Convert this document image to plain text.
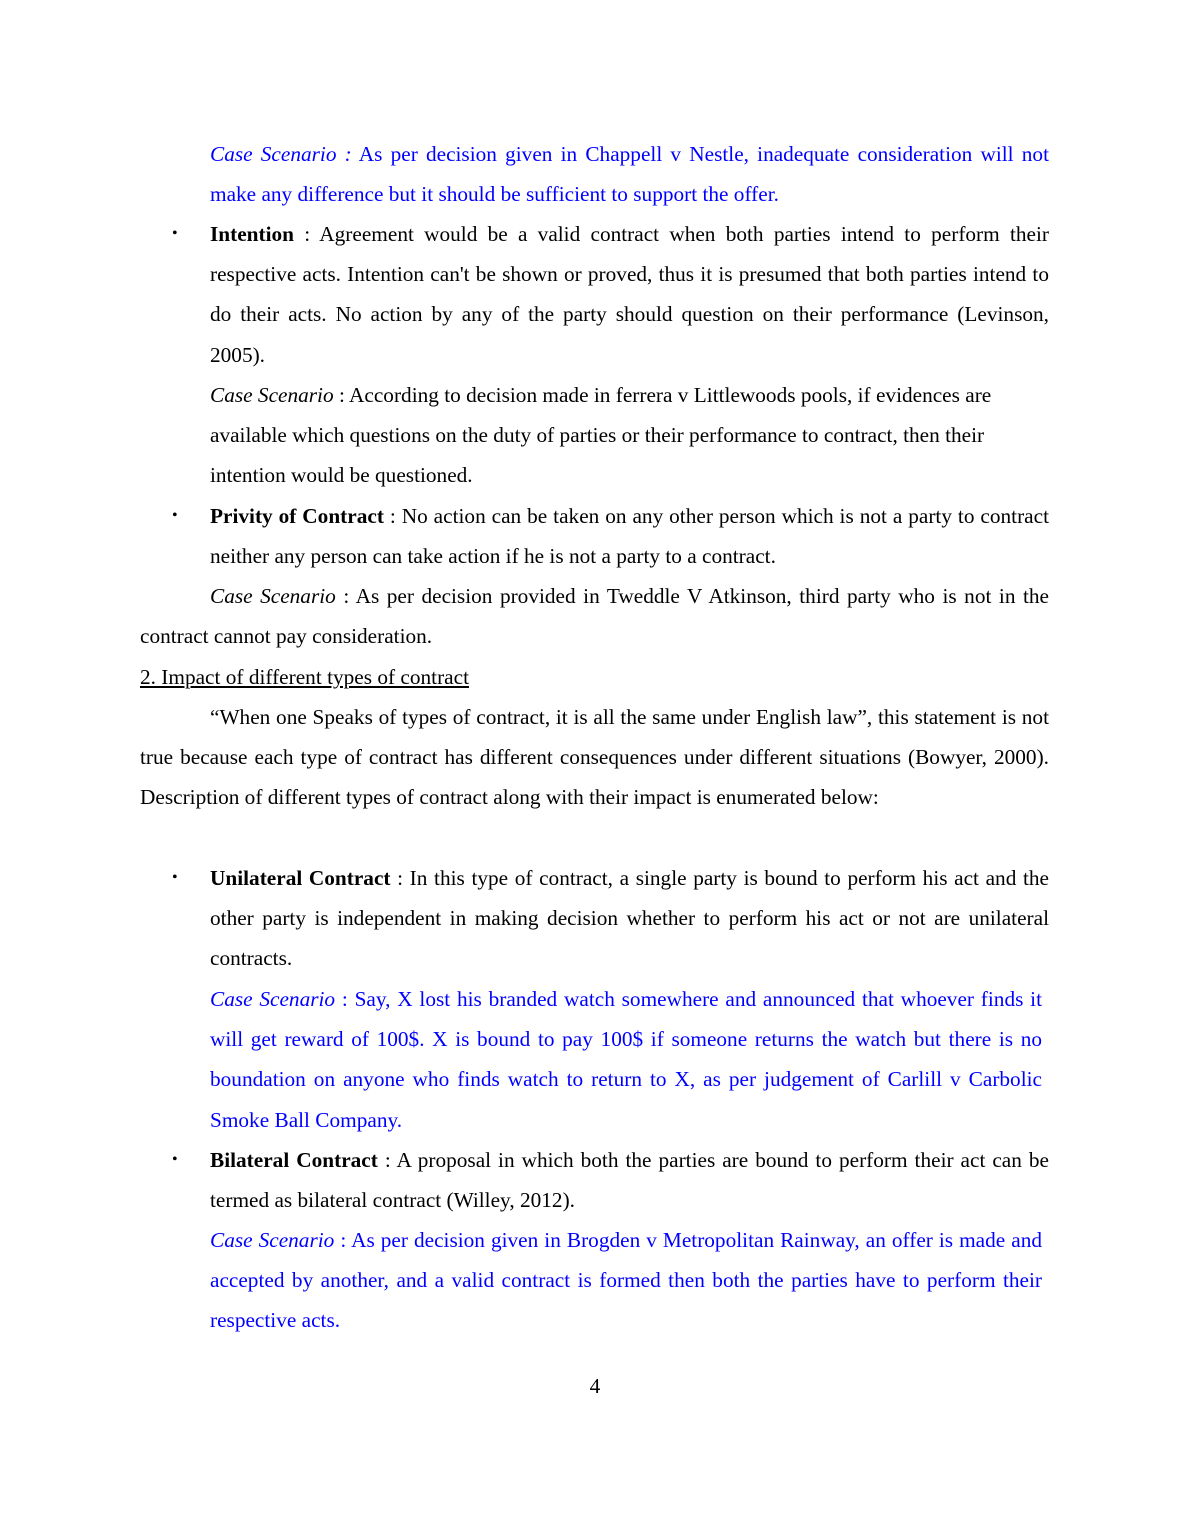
Case Scenario : As per decision given in Chappell v Nestle, inadequate consideration will not make any difference but it should be sufficient to support the offer.

• Intention : Agreement would be a valid contract when both parties intend to perform their respective acts. Intention can't be shown or proved, thus it is presumed that both parties intend to do their acts. No action by any of the party should question on their performance (Levinson, 2005).

Case Scenario : According to decision made in ferrera v Littlewoods pools, if evidences are available which questions on the duty of parties or their performance to contract, then their intention would be questioned.

• Privity of Contract : No action can be taken on any other person which is not a party to contract neither any person can take action if he is not a party to a contract.

Case Scenario : As per decision provided in Tweddle V Atkinson, third party who is not in the contract cannot pay consideration.

2. Impact of different types of contract

“When one Speaks of types of contract, it is all the same under English law”, this statement is not true because each type of contract has different consequences under different situations (Bowyer, 2000). Description of different types of contract along with their impact is enumerated below:

• Unilateral Contract : In this type of contract, a single party is bound to perform his act and the other party is independent in making decision whether to perform his act or not are unilateral contracts.

Case Scenario : Say, X lost his branded watch somewhere and announced that whoever finds it will get reward of 100$. X is bound to pay 100$ if someone returns the watch but there is no boundation on anyone who finds watch to return to X, as per judgement of Carlill v Carbolic Smoke Ball Company.

• Bilateral Contract : A proposal in which both the parties are bound to perform their act can be termed as bilateral contract (Willey, 2012).

Case Scenario : As per decision given in Brogden v Metropolitan Rainway, an offer is made and accepted by another, and a valid contract is formed then both the parties have to perform their respective acts.

4
